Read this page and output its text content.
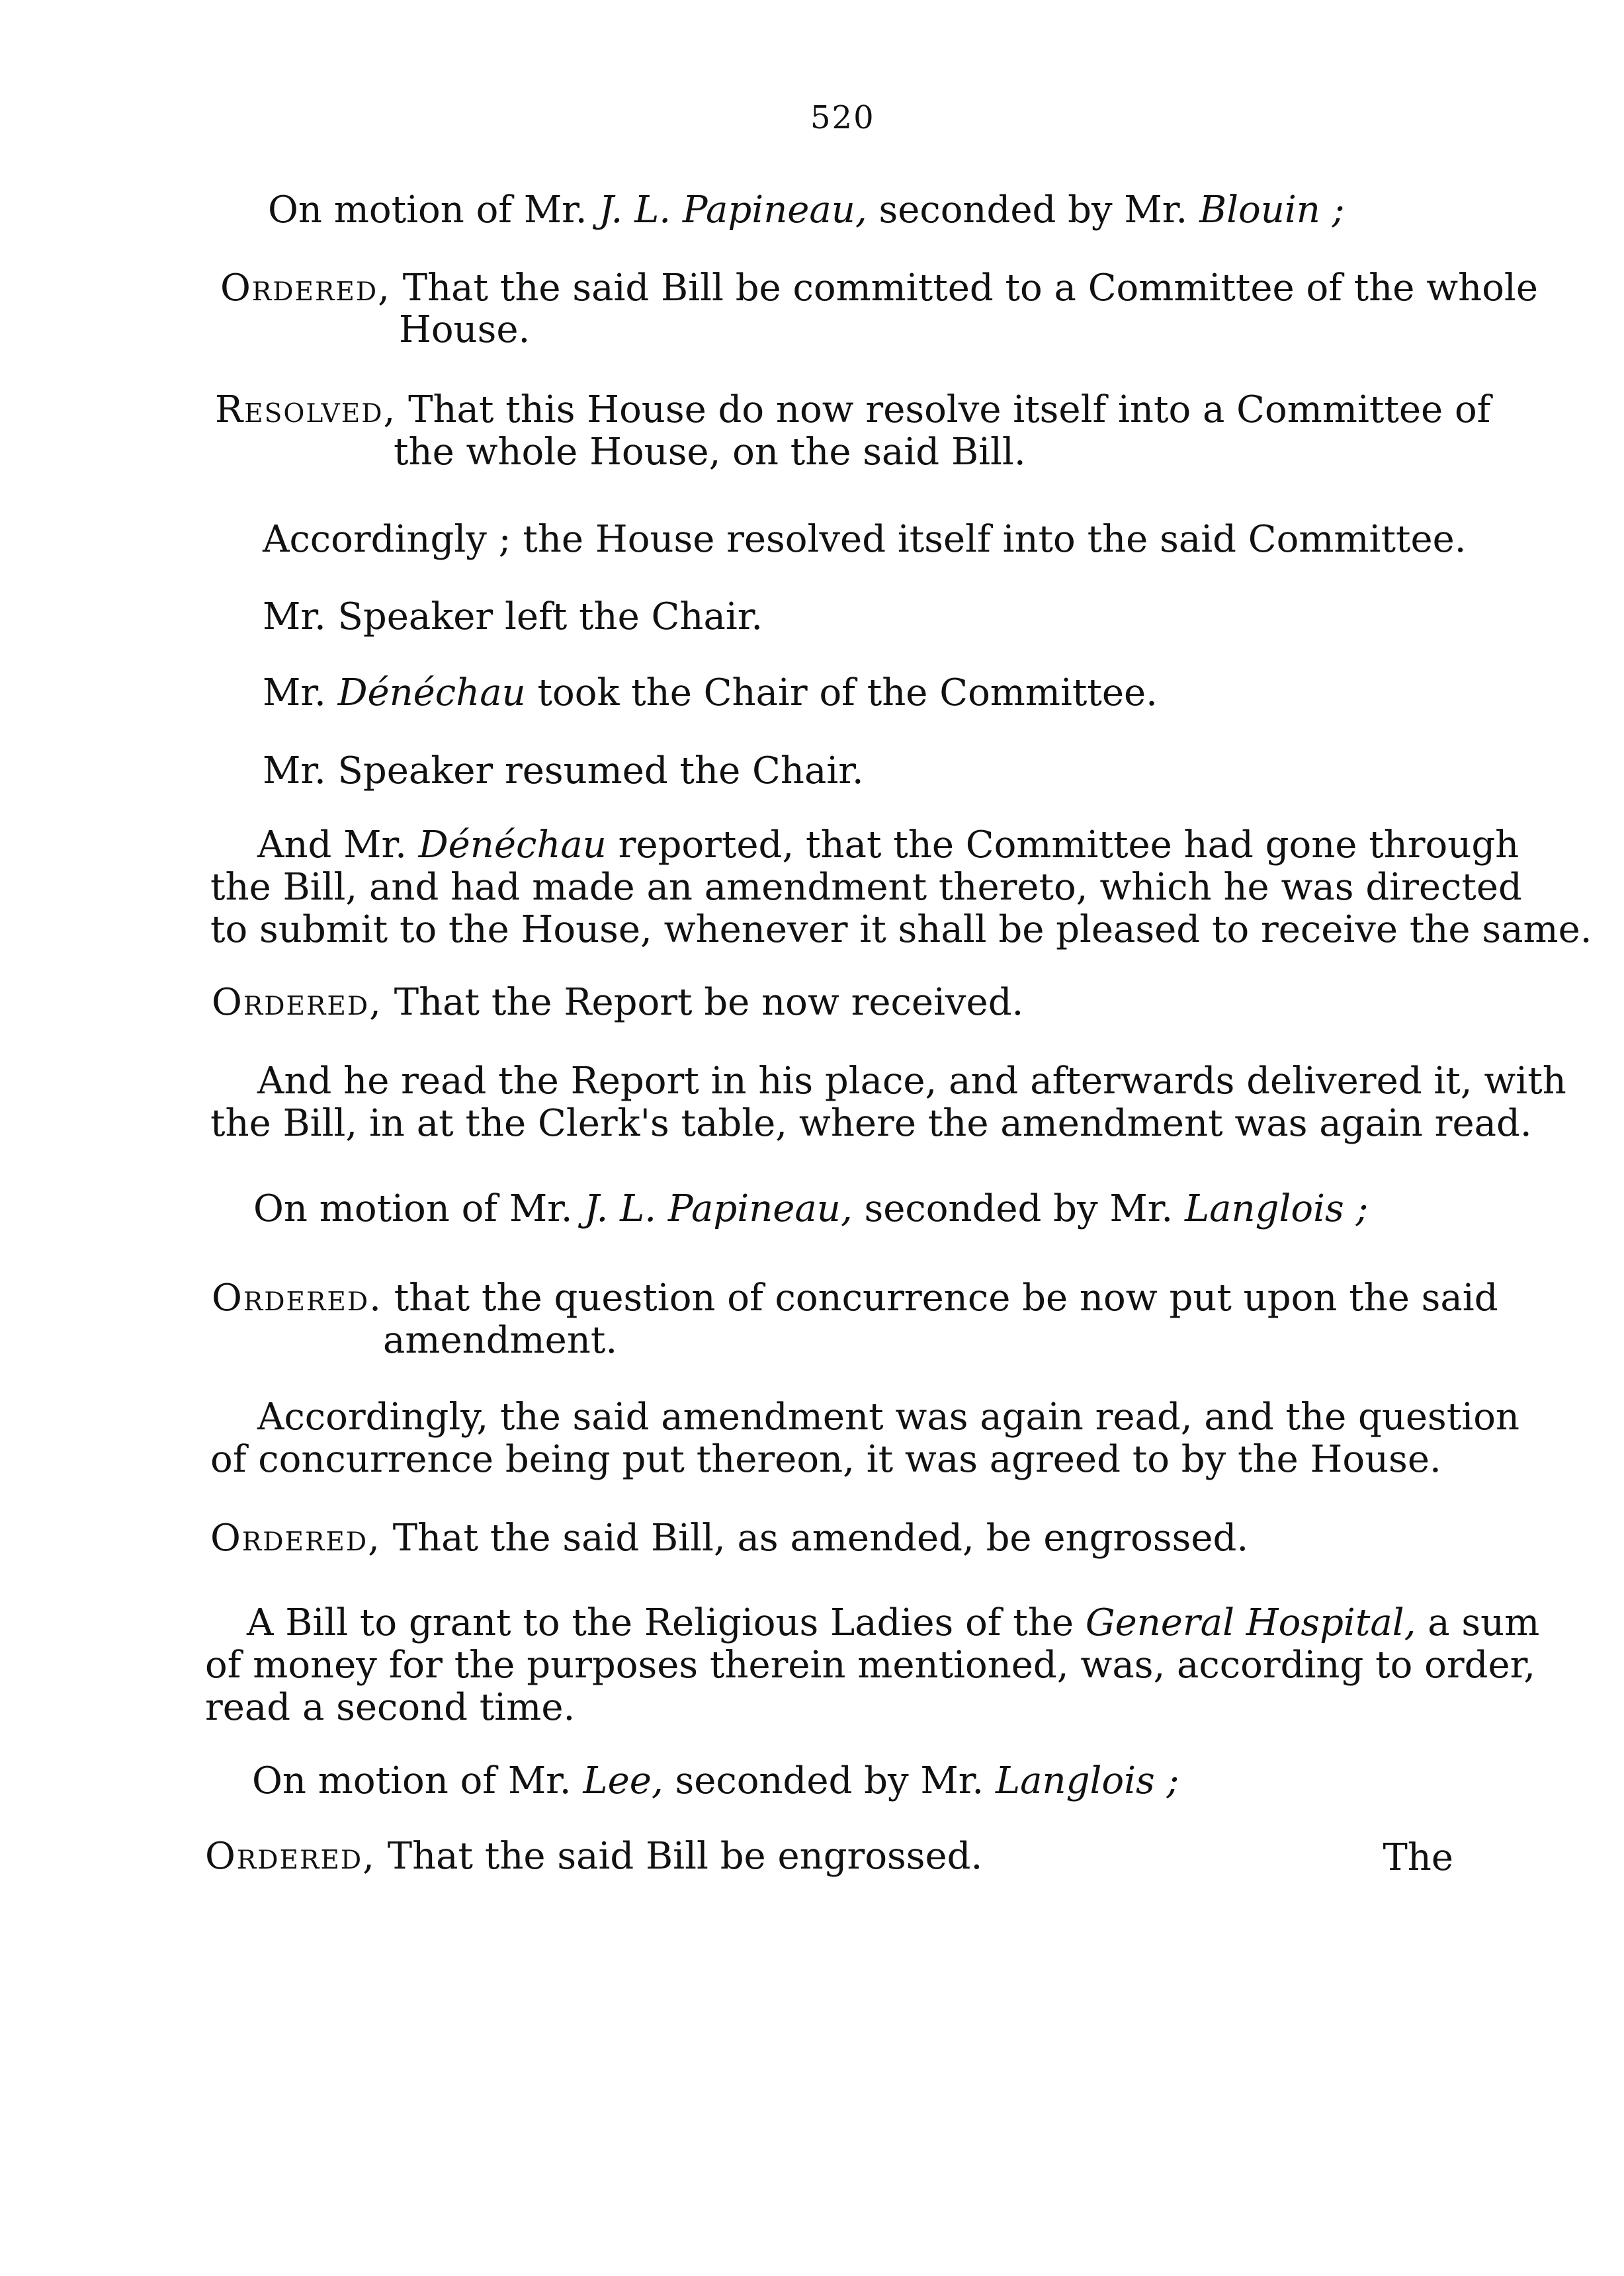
520
On motion of Mr. J. L. Papineau, seconded by Mr. Blouin ;
Ordered, That the said Bill be committed to a Committee of the whole
House.
Resolved, That this House do now resolve itself into a Committee of
the whole House, on the said Bill.
Accordingly ; the House resolved itself into the said Committee.
Mr. Speaker left the Chair.
Mr. Dénéchau took the Chair of the Committee.
Mr. Speaker resumed the Chair.
And Mr. Dénéchau reported, that the Committee had gone through
the Bill, and had made an amendment thereto, which he was directed
to submit to the House, whenever it shall be pleased to receive the same.
Ordered, That the Report be now received.
And he read the Report in his place, and afterwards delivered it, with
the Bill, in at the Clerk's table, where the amendment was again read.
On motion of Mr. J. L. Papineau, seconded by Mr. Langlois ;
Ordered. that the question of concurrence be now put upon the said
amendment.
Accordingly, the said amendment was again read, and the question
of concurrence being put thereon, it was agreed to by the House.
Ordered, That the said Bill, as amended, be engrossed.
A Bill to grant to the Religious Ladies of the General Hospital, a sum
of money for the purposes therein mentioned, was, according to order,
read a second time.
On motion of Mr. Lee, seconded by Mr. Langlois ;
Ordered, That the said Bill be engrossed.	The
